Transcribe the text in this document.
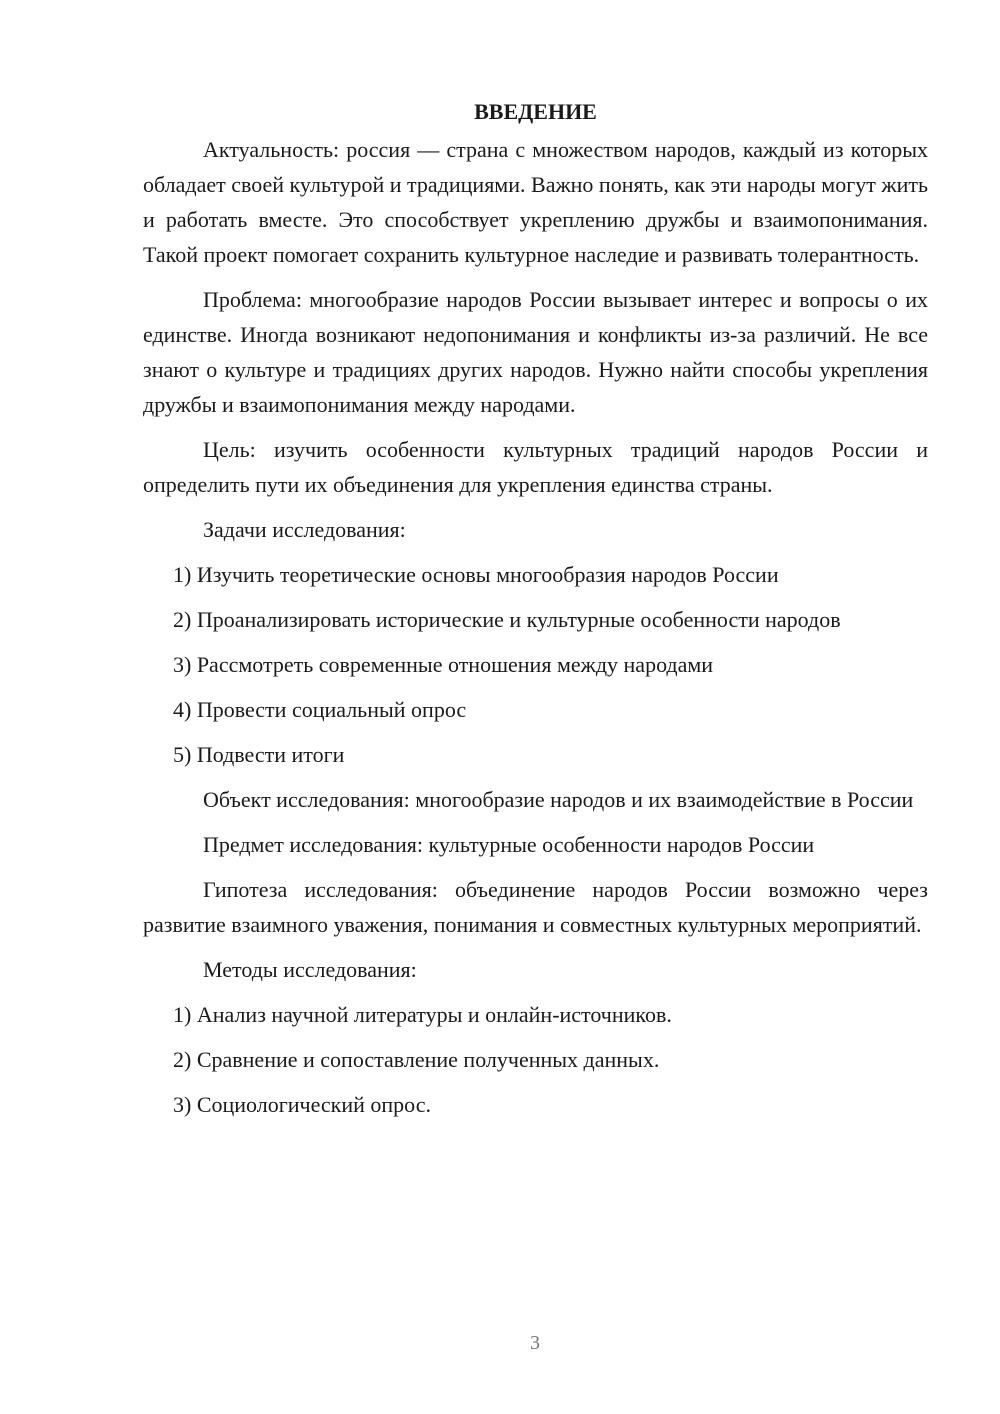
ВВЕДЕНИЕ

Актуальность: россия — страна с множеством народов, каждый из которых обладает своей культурой и традициями. Важно понять, как эти народы могут жить и работать вместе. Это способствует укреплению дружбы и взаимопонимания. Такой проект помогает сохранить культурное наследие и развивать толерантность.

Проблема: многообразие народов России вызывает интерес и вопросы о их единстве. Иногда возникают недопонимания и конфликты из-за различий. Не все знают о культуре и традициях других народов. Нужно найти способы укрепления дружбы и взаимопонимания между народами.

Цель: изучить особенности культурных традиций народов России и определить пути их объединения для укрепления единства страны.

Задачи исследования:

1) Изучить теоретические основы многообразия народов России

2) Проанализировать исторические и культурные особенности народов

3) Рассмотреть современные отношения между народами

4) Провести социальный опрос

5) Подвести итоги

Объект исследования: многообразие народов и их взаимодействие в России

Предмет исследования: культурные особенности народов России

Гипотеза исследования: объединение народов России возможно через развитие взаимного уважения, понимания и совместных культурных мероприятий.

Методы исследования:

1) Анализ научной литературы и онлайн-источников.

2) Сравнение и сопоставление полученных данных.

3) Социологический опрос.

3
